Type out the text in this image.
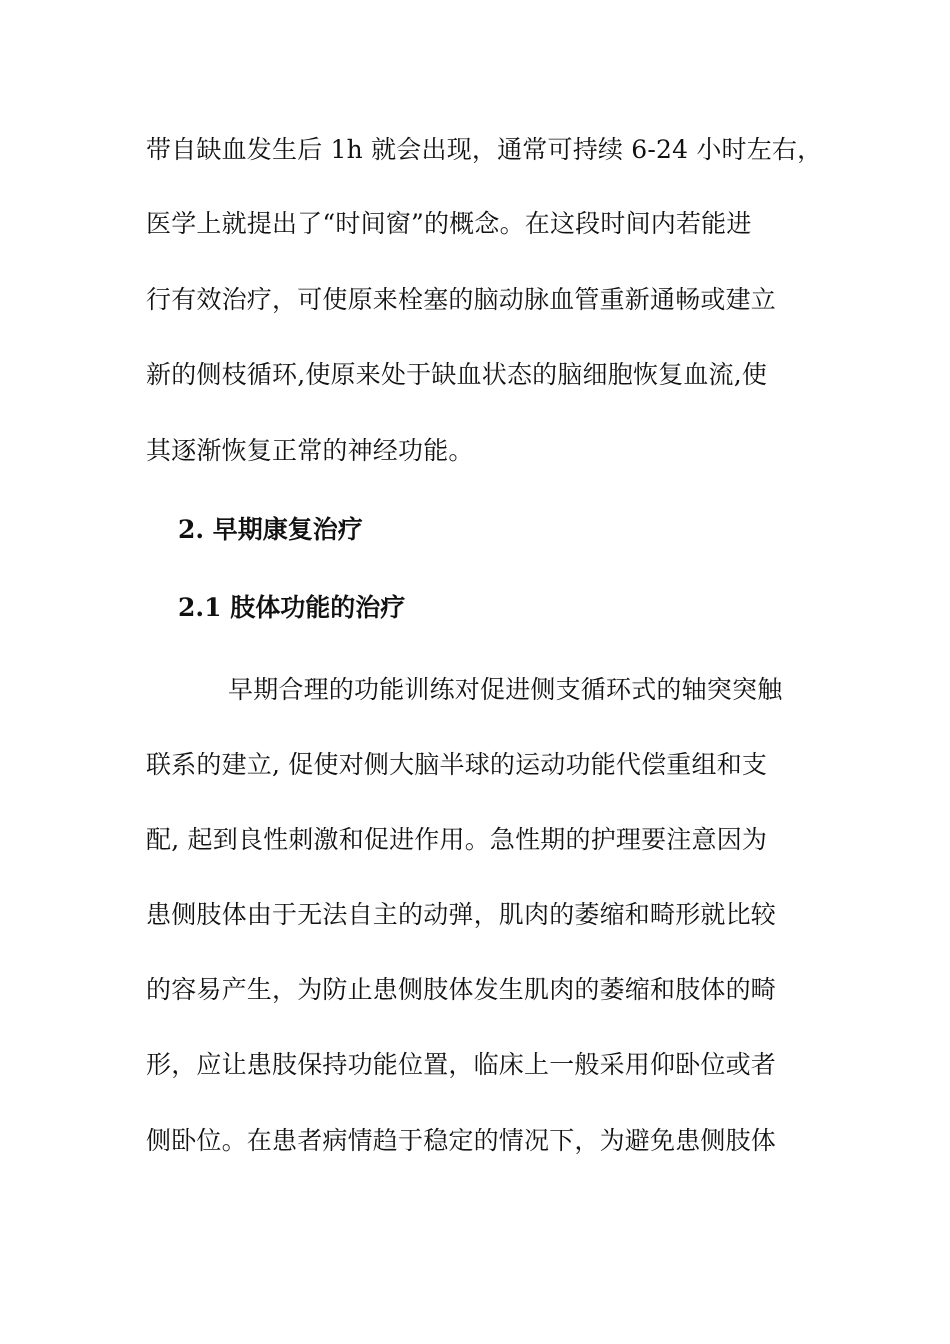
带自缺血发生后 1h 就会出现，通常可持续 6-24 小时左右，
医学上就提出了“时间窗”的概念。在这段时间内若能进
行有效治疗，可使原来栓塞的脑动脉血管重新通畅或建立
新的侧枝循环,使原来处于缺血状态的脑细胞恢复血流,使
其逐渐恢复正常的神经功能。
2. 早期康复治疗
2.1 肢体功能的治疗
早期合理的功能训练对促进侧支循环式的轴突突触
联系的建立, 促使对侧大脑半球的运动功能代偿重组和支
配, 起到良性刺激和促进作用。急性期的护理要注意因为
患侧肢体由于无法自主的动弹，肌肉的萎缩和畸形就比较
的容易产生，为防止患侧肢体发生肌肉的萎缩和肢体的畸
形，应让患肢保持功能位置，临床上一般采用仰卧位或者
侧卧位。在患者病情趋于稳定的情况下，为避免患侧肢体
